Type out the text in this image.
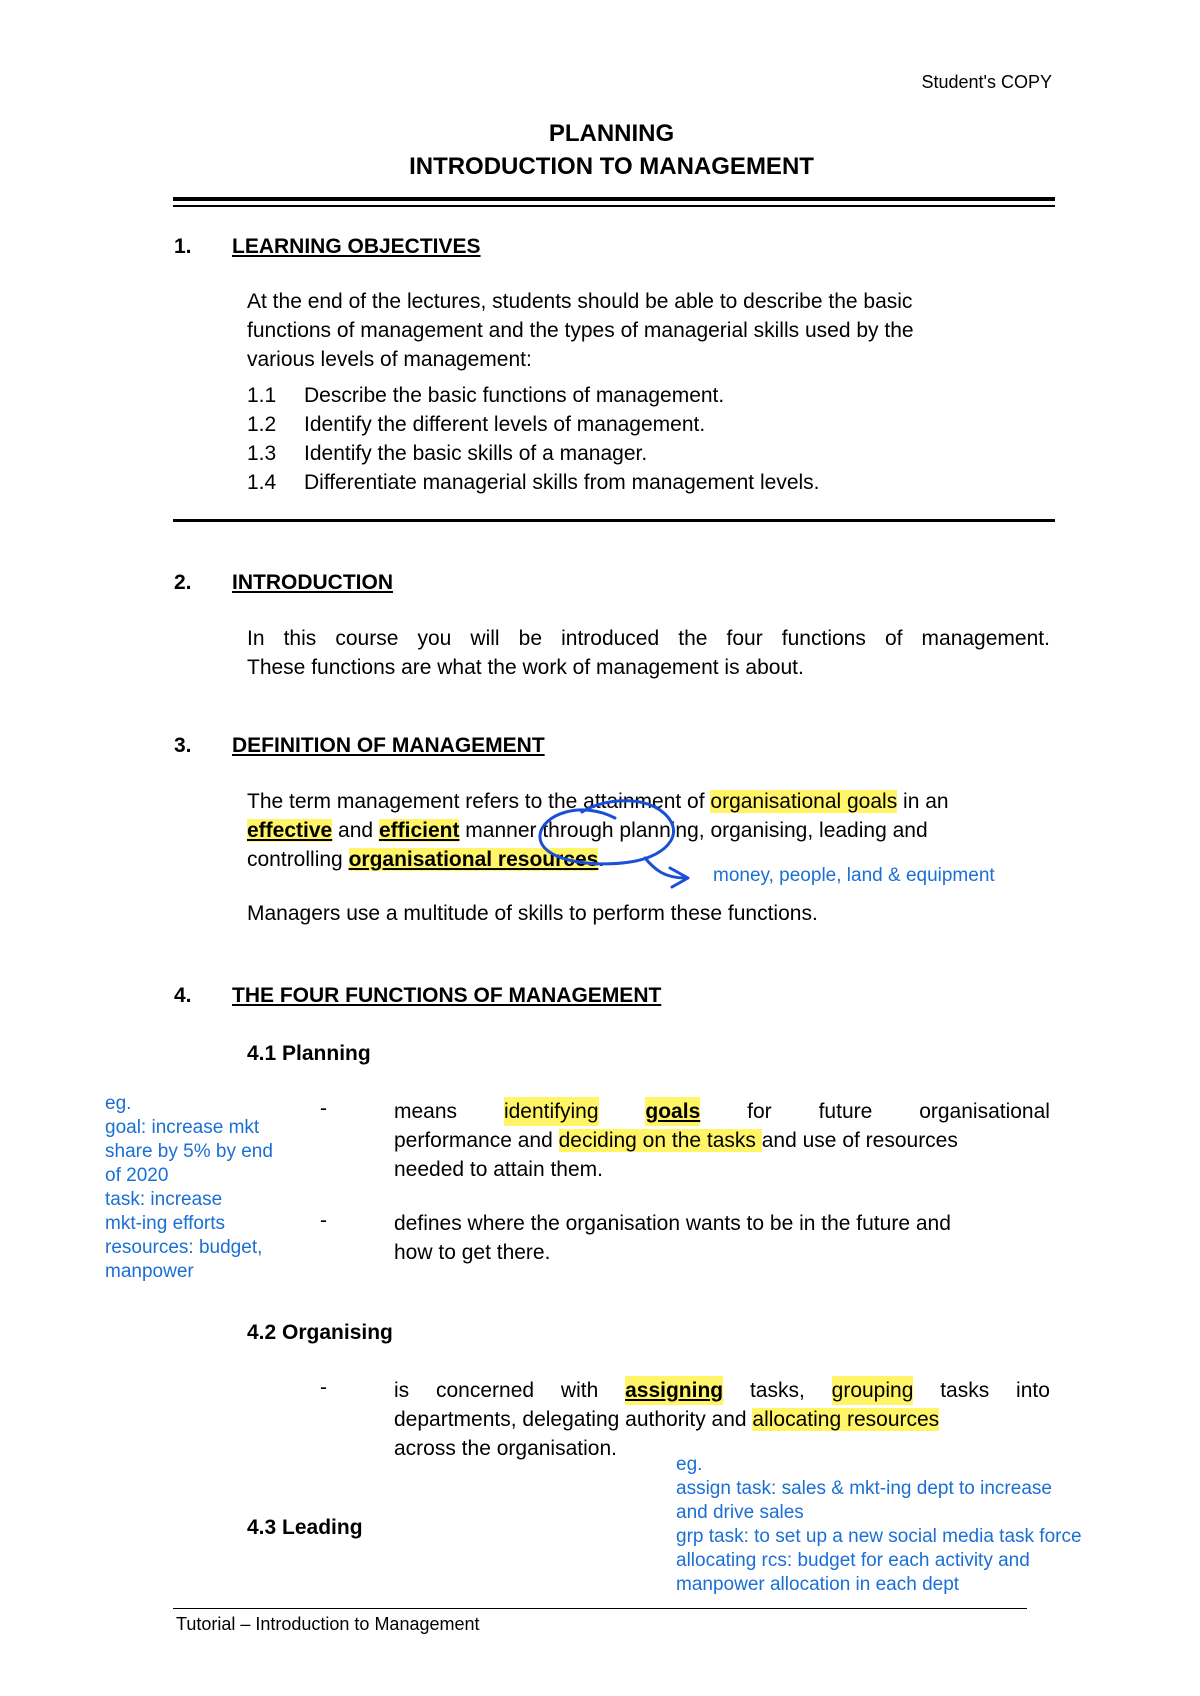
Student's COPY
PLANNING
INTRODUCTION TO MANAGEMENT
1. LEARNING OBJECTIVES
At the end of the lectures, students should be able to describe the basic
functions of management and the types of managerial skills used by the
various levels of management:
1.1 Describe the basic functions of management.
1.2 Identify the different levels of management.
1.3 Identify the basic skills of a manager.
1.4 Differentiate managerial skills from management levels.
2. INTRODUCTION
In this course you will be introduced the four functions of management.
These functions are what the work of management is about.
3. DEFINITION OF MANAGEMENT
The term management refers to the attainment of organisational goals in an
effective and efficient manner through planning, organising, leading and
controlling organisational resources.
Managers use a multitude of skills to perform these functions.
money, people, land & equipment
4. THE FOUR FUNCTIONS OF MANAGEMENT
4.1 Planning
-	means identifying goals for future organisational
performance and deciding on the tasks and use of resources
needed to attain them.
-	defines where the organisation wants to be in the future and
how to get there.
eg.
goal: increase mkt
share by 5% by end
of 2020
task: increase
mkt-ing efforts
resources: budget,
manpower
4.2 Organising
-	is concerned with assigning tasks, grouping tasks into
departments, delegating authority and allocating resources
across the organisation.
eg.
assign task: sales & mkt-ing dept to increase
and drive sales
grp task: to set up a new social media task force
allocating rcs: budget for each activity and
manpower allocation in each dept
4.3 Leading
Tutorial – Introduction to Management
